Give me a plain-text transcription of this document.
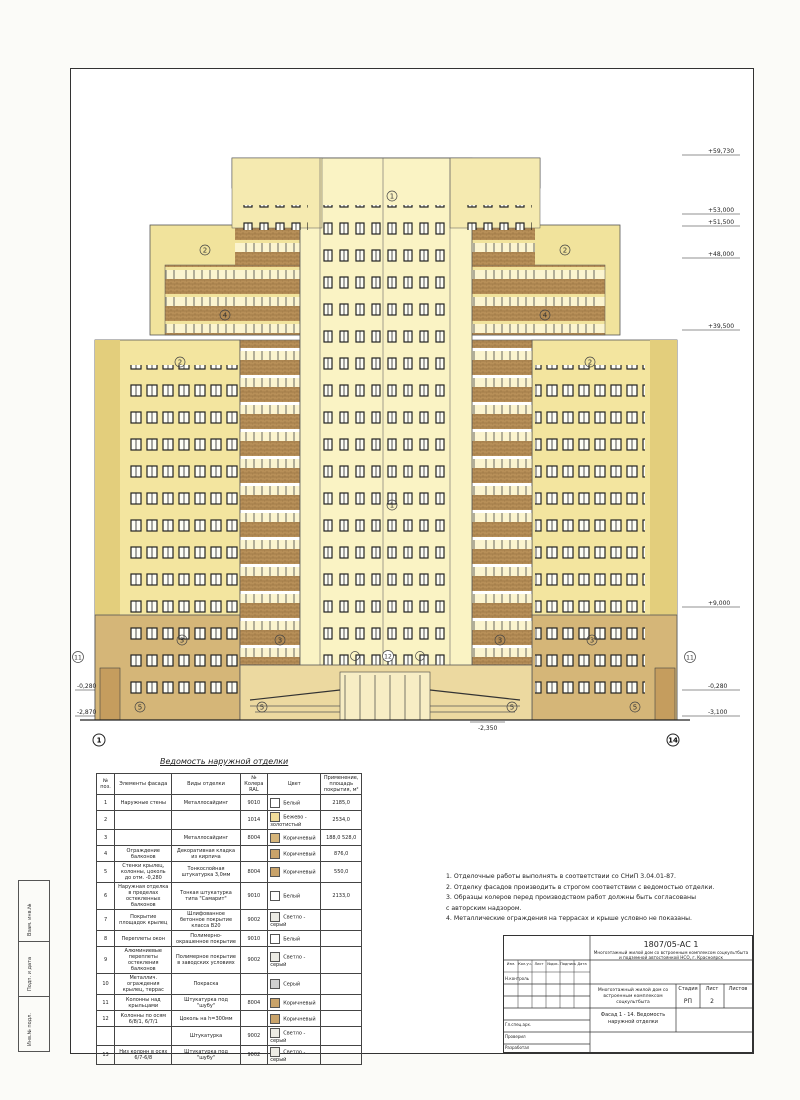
Взам. инв.№
Подп. и дата
Инв.№ подл.
1
1
2	2
2	2
4	4
3	3
3	3
5	5
5	5
11	11
12
1	14
+59,730
+53,000
+51,500
+48,000
+39,500
+9,000
-0,280
-3,100
-0,280
-2,870
-2,350
Ведомость наружной отделки
№ поз.	Элементы фасада	Виды отделки	№ Колера RAL	Цвет	Применение, площадь покрытия, м²
1	Наружные стены	Металлосайдинг	9010	Белый	2185,0
2			1014	Бежево - золотистый	2534,0
3		Металлосайдинг	8004	Коричневый	188,0 528,0
4	Ограждение балконов	Декоративная кладка из кирпича		Коричневый	876,0
5	Стенки крылец, колонны, цоколь до отм. -0,280	Тонкослойная штукатурка 3,0мм	8004	Коричневый	550,0
6	Наружная отделка в пределах остекленных балконов	Тонкая штукатурка типа "Самарит"	9010	Белый	2133,0
7	Покрытие площадок крылец	Шлифованное бетонное покрытие класса В20	9002	Светло - серый	
8	Переплеты окон	Полимерно-окрашенное покрытие	9010	Белый	
9	Алюминиевые переплеты остекления балконов	Полимерное покрытие в заводских условиях	9002	Светло - серый	
10	Металлич. ограждения крылец, террас	Покраска		Серый	
11	Колонны над крыльцами	Штукатурка под "шубу"	8004	Коричневый	
12	Колонны по осям 6/8/1, 6/7/1	Цоколь на h=300мм		Коричневый	
		Штукатурка	9002	Светло - серый	
13	Низ колонн в осях 6/7-6/8	Штукатурка под "шубу"	9002	Светло - серый	
1. Отделочные работы выполнять в соответствии со СНиП 3.04.01-87.
2. Отделку фасадов производить в строгом соответствии с ведомостью отделки.
3. Образцы колеров перед производством работ должны быть согласованы
с авторским надзором.
4. Металлические ограждения на террасах и крыше условно не показаны.
1807/05-АС 1
Многоэтажный жилой дом со встроенным комплексом соцкультбыта и подземной автостоянкой НСО, г. Красноярск
Многоэтажный жилой дом со встроенным комплексом соцкультбыта
Стадия	Лист	Листов
РП	2
Фасад 1 - 14. Ведомость наружной отделки
Изм. Кол.уч. Лист №док. Подпись Дата
Н.контроль
Гл.спец.арх.
Проверил
Разработал
